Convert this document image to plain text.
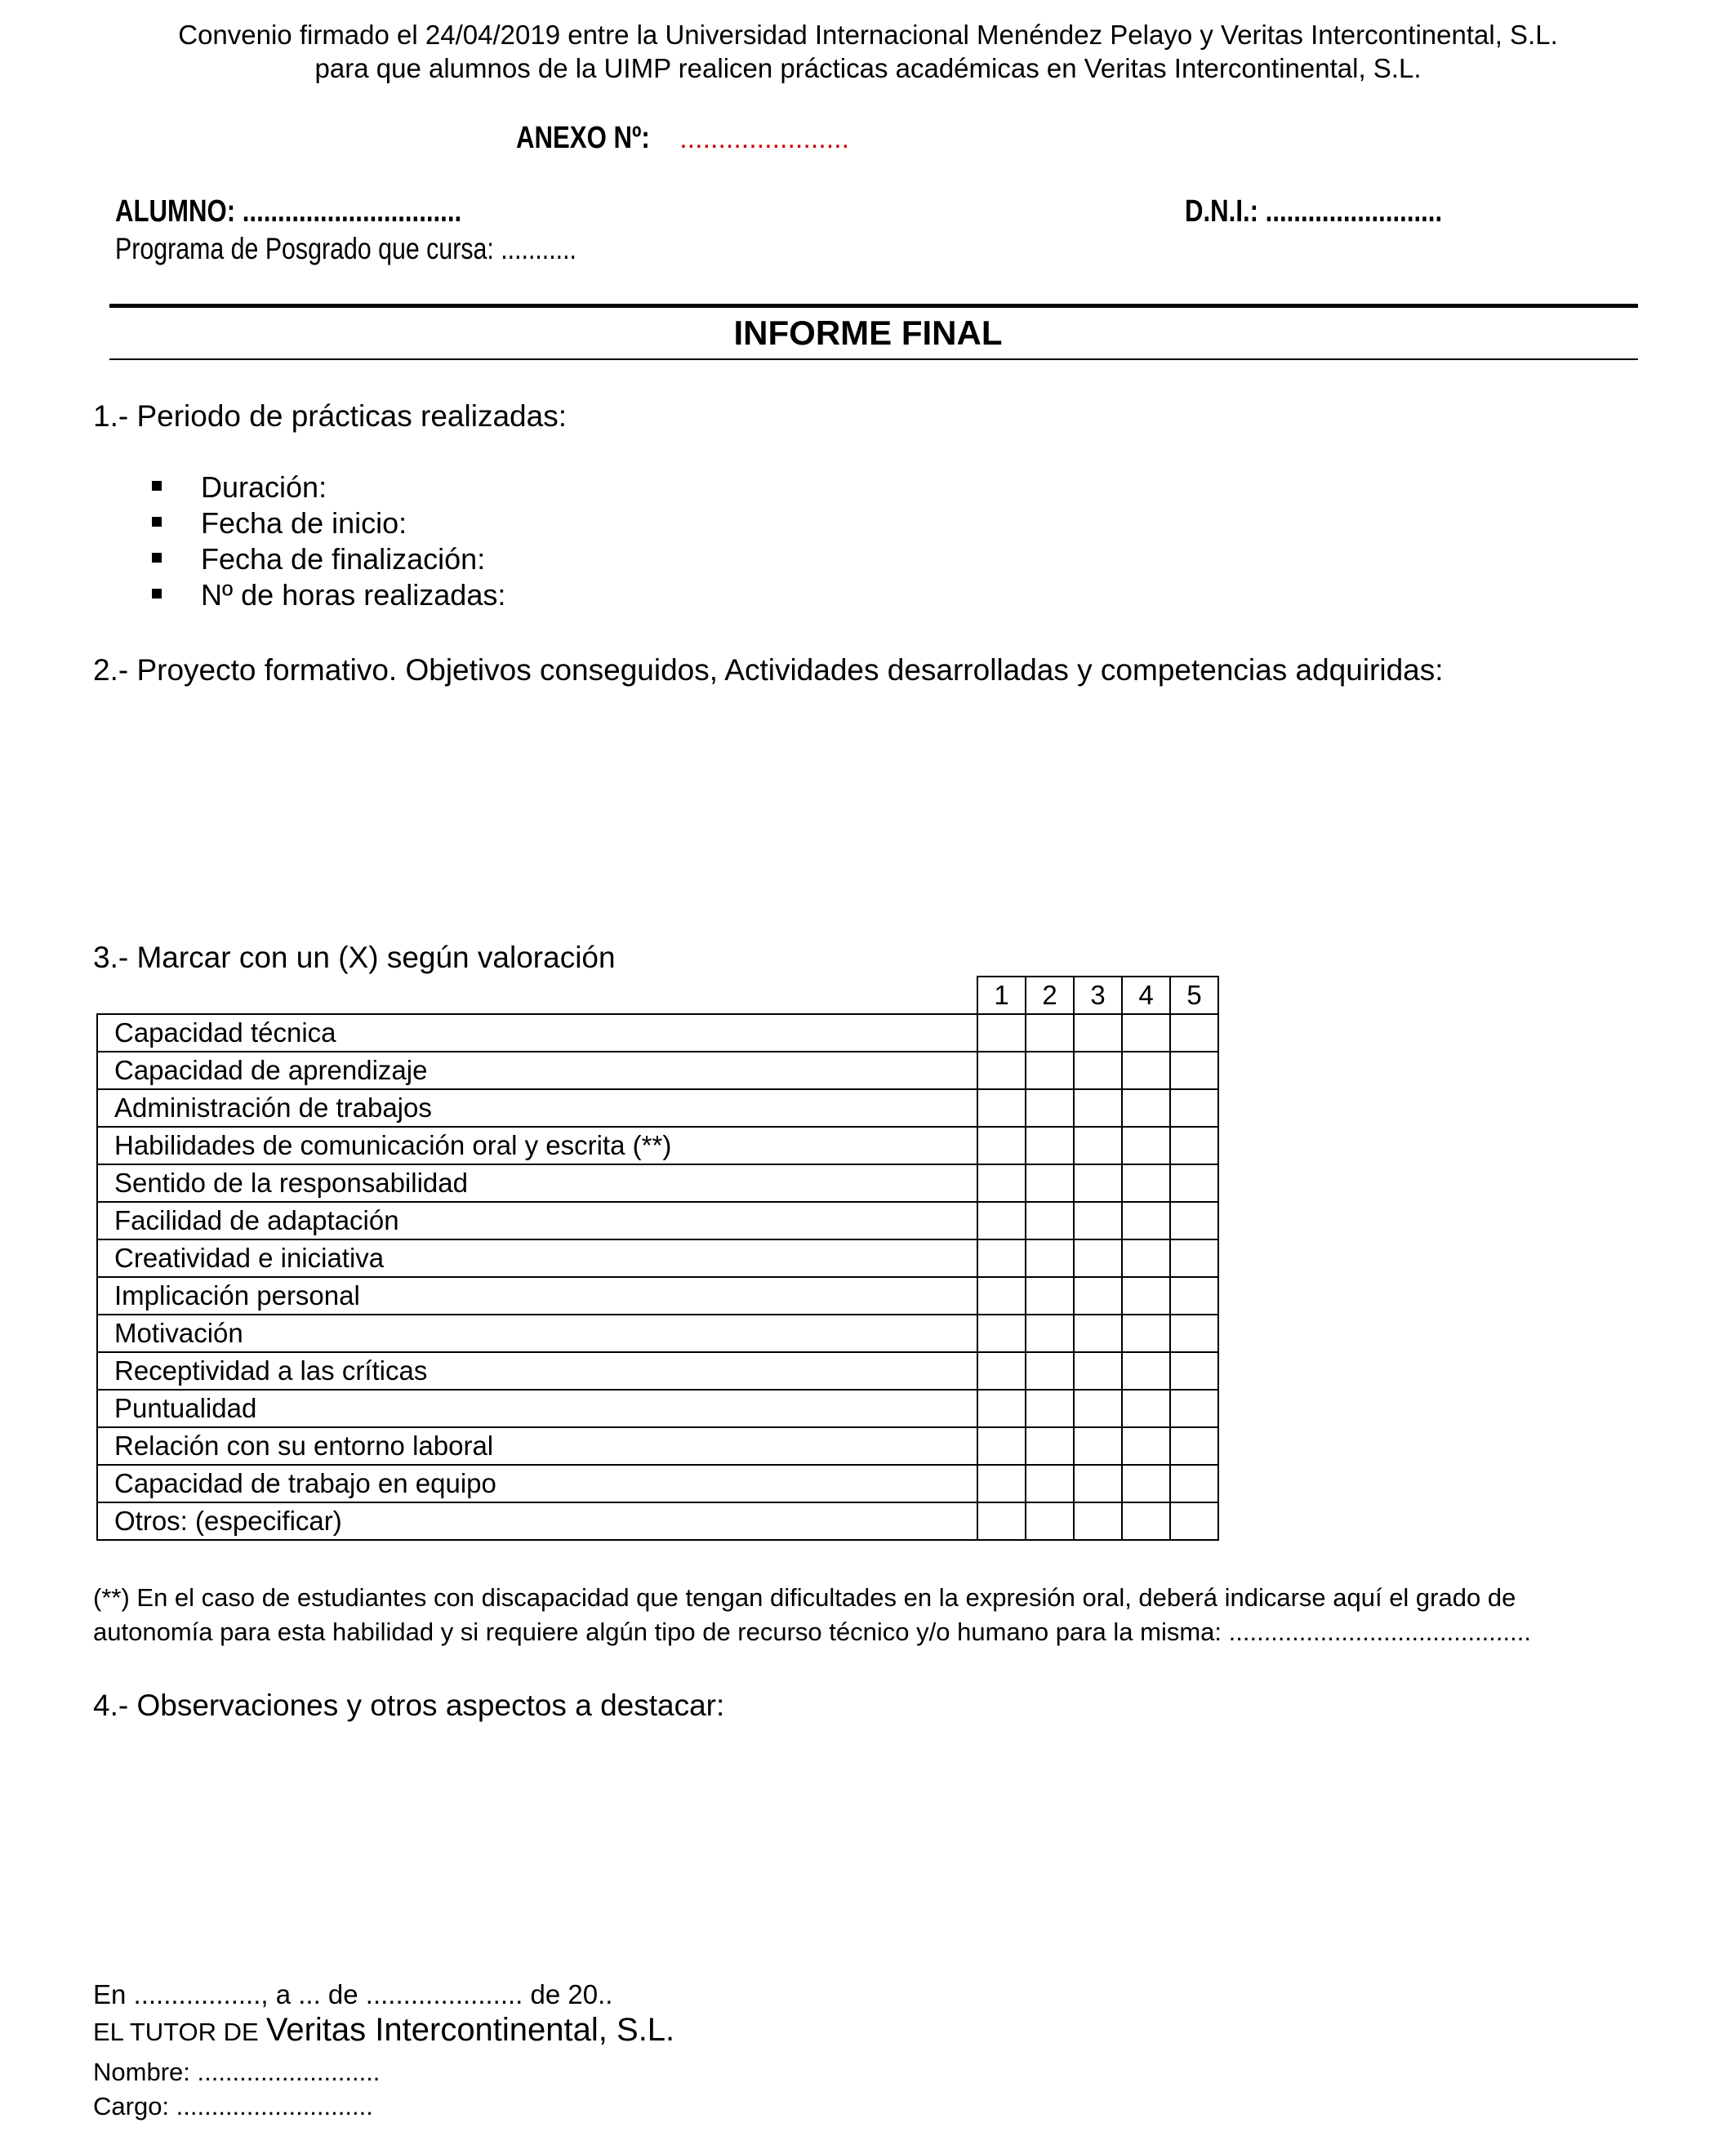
Convenio firmado el 24/04/2019 entre la Universidad Internacional Menéndez Pelayo y Veritas Intercontinental, S.L.
para que alumnos de la UIMP realicen prácticas académicas en Veritas Intercontinental, S.L.
ANEXO Nº: ......................
ALUMNO: ...............................	D.N.I.: .........................
Programa de Posgrado que cursa: ...........
INFORME FINAL
1.- Periodo de prácticas realizadas:
Duración:
Fecha de inicio:
Fecha de finalización:
Nº de horas realizadas:
2.- Proyecto formativo. Objetivos conseguidos, Actividades desarrolladas y competencias adquiridas:
3.- Marcar con un (X) según valoración
	1	2	3	4	5
Capacidad técnica					
Capacidad de aprendizaje					
Administración de trabajos					
Habilidades de comunicación oral y escrita (**)					
Sentido de la responsabilidad					
Facilidad de adaptación					
Creatividad e iniciativa					
Implicación personal					
Motivación					
Receptividad a las críticas					
Puntualidad					
Relación con su entorno laboral					
Capacidad de trabajo en equipo					
Otros: (especificar)					
(**) En el caso de estudiantes con discapacidad que tengan dificultades en la expresión oral, deberá indicarse aquí el grado de
autonomía para esta habilidad y si requiere algún tipo de recurso técnico y/o humano para la misma: ...........................................
4.- Observaciones y otros aspectos a destacar:
En ................., a ... de ..................... de 20..
EL TUTOR DE Veritas Intercontinental, S.L.
Nombre: ..........................
Cargo: ............................
